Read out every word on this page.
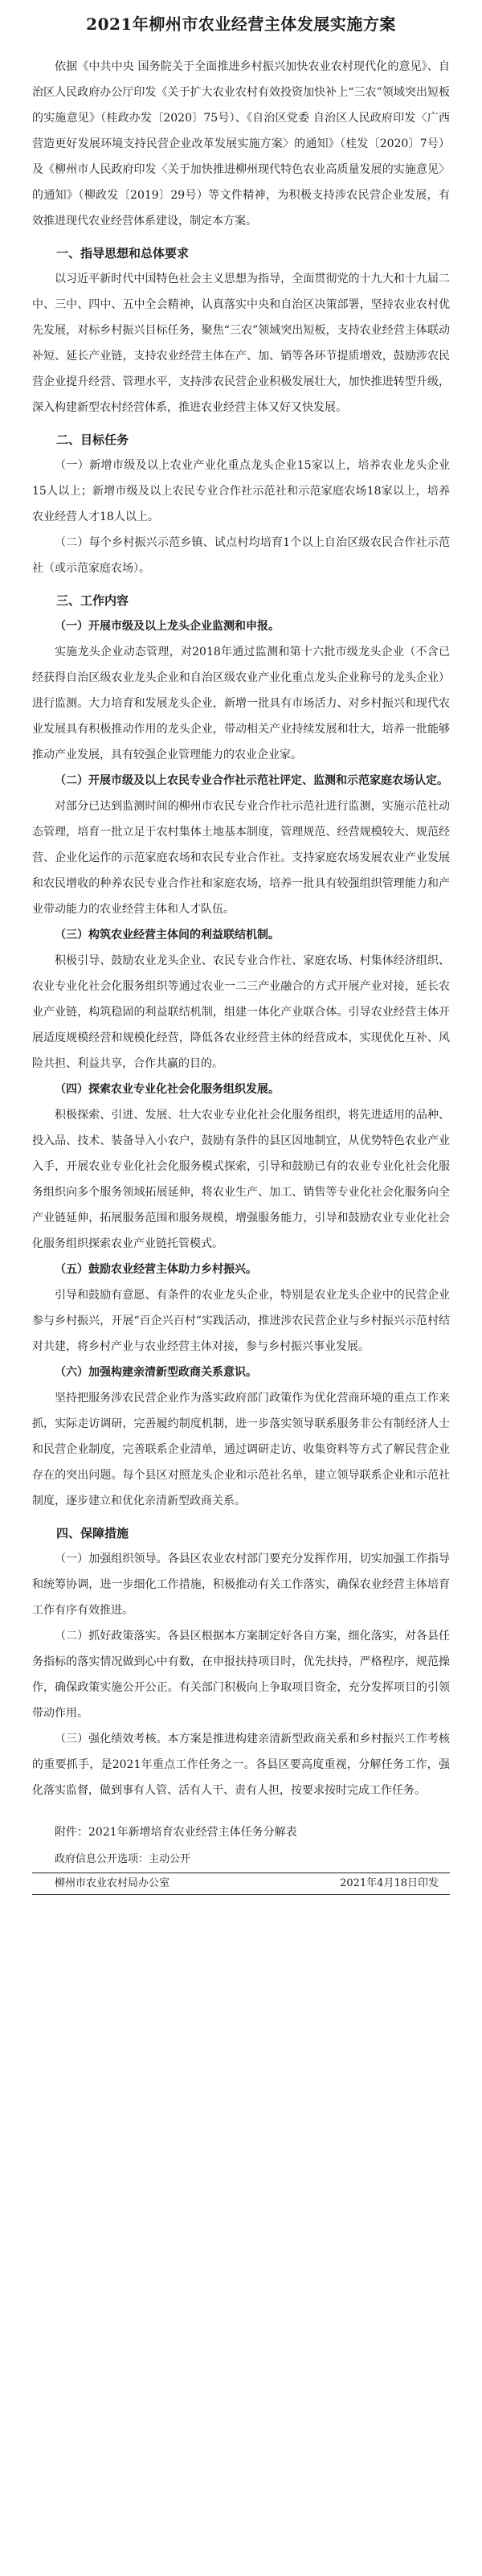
2021年柳州市农业经营主体发展实施方案

依据《中共中央 国务院关于全面推进乡村振兴加快农业农村现代化的意见》、自治区人民政府办公厅印发《关于扩大农业农村有效投资加快补上“三农”领域突出短板的实施意见》（桂政办发〔2020〕75号）、《自治区党委 自治区人民政府印发〈广西营造更好发展环境支持民营企业改革发展实施方案〉的通知》（桂发〔2020〕7号）及《柳州市人民政府印发〈关于加快推进柳州现代特色农业高质量发展的实施意见〉的通知》（柳政发〔2019〕29号）等文件精神，为积极支持涉农民营企业发展，有效推进现代农业经营体系建设，制定本方案。

一、指导思想和总体要求

以习近平新时代中国特色社会主义思想为指导，全面贯彻党的十九大和十九届二中、三中、四中、五中全会精神，认真落实中央和自治区决策部署，坚持农业农村优先发展，对标乡村振兴目标任务，聚焦“三农”领域突出短板，支持农业经营主体联动补短、延长产业链，支持农业经营主体在产、加、销等各环节提质增效，鼓励涉农民营企业提升经营、管理水平，支持涉农民营企业积极发展壮大，加快推进转型升级，深入构建新型农村经营体系，推进农业经营主体又好又快发展。

二、目标任务

（一）新增市级及以上农业产业化重点龙头企业15家以上，培养农业龙头企业15人以上；新增市级及以上农民专业合作社示范社和示范家庭农场18家以上，培养农业经营人才18人以上。

（二）每个乡村振兴示范乡镇、试点村均培育1个以上自治区级农民合作社示范社（或示范家庭农场）。

三、工作内容
（一）开展市级及以上龙头企业监测和申报。

实施龙头企业动态管理，对2018年通过监测和第十六批市级龙头企业（不含已经获得自治区级农业龙头企业和自治区级农业产业化重点龙头企业称号的龙头企业）进行监测。大力培育和发展龙头企业，新增一批具有市场活力、对乡村振兴和现代农业发展具有积极推动作用的龙头企业，带动相关产业持续发展和壮大，培养一批能够推动产业发展，具有较强企业管理能力的农业企业家。

（二）开展市级及以上农民专业合作社示范社评定、监测和示范家庭农场认定。

对部分已达到监测时间的柳州市农民专业合作社示范社进行监测，实施示范社动态管理，培育一批立足于农村集体土地基本制度，管理规范、经营规模较大、规范经营、企业化运作的示范家庭农场和农民专业合作社。支持家庭农场发展农业产业发展和农民增收的种养农民专业合作社和家庭农场，培养一批具有较强组织管理能力和产业带动能力的农业经营主体和人才队伍。

（三）构筑农业经营主体间的利益联结机制。

积极引导、鼓励农业龙头企业、农民专业合作社、家庭农场、村集体经济组织、农业专业化社会化服务组织等通过农业一二三产业融合的方式开展产业对接，延长农业产业链，构筑稳固的利益联结机制，组建一体化产业联合体。引导农业经营主体开展适度规模经营和规模化经营，降低各农业经营主体的经营成本，实现优化互补、风险共担、利益共享，合作共赢的目的。

（四）探索农业专业化社会化服务组织发展。

积极探索、引进、发展、壮大农业专业化社会化服务组织，将先进适用的品种、投入品、技术、装备导入小农户，鼓励有条件的县区因地制宜，从优势特色农业产业入手，开展农业专业化社会化服务模式探索，引导和鼓励已有的农业专业化社会化服务组织向多个服务领域拓展延伸，将农业生产、加工、销售等专业化社会化服务向全产业链延伸，拓展服务范围和服务规模，增强服务能力，引导和鼓励农业专业化社会化服务组织探索农业产业链托管模式。

（五）鼓励农业经营主体助力乡村振兴。

引导和鼓励有意愿、有条件的农业龙头企业，特别是农业龙头企业中的民营企业参与乡村振兴，开展“百企兴百村”实践活动，推进涉农民营企业与乡村振兴示范村结对共建，将乡村产业与农业经营主体对接，参与乡村振兴事业发展。

（六）加强构建亲清新型政商关系意识。

坚持把服务涉农民营企业作为落实政府部门政策作为优化营商环境的重点工作来抓，实际走访调研，完善履约制度机制，进一步落实领导联系服务非公有制经济人士和民营企业制度，完善联系企业清单，通过调研走访、收集资料等方式了解民营企业存在的突出问题。每个县区对照龙头企业和示范社名单，建立领导联系企业和示范社制度，逐步建立和优化亲清新型政商关系。

四、保障措施

（一）加强组织领导。各县区农业农村部门要充分发挥作用，切实加强工作指导和统筹协调，进一步细化工作措施，积极推动有关工作落实，确保农业经营主体培育工作有序有效推进。

（二）抓好政策落实。各县区根据本方案制定好各自方案，细化落实，对各县任务指标的落实情况做到心中有数，在申报扶持项目时，优先扶持，严格程序，规范操作，确保政策实施公开公正。有关部门积极向上争取项目资金，充分发挥项目的引领带动作用。

（三）强化绩效考核。本方案是推进构建亲清新型政商关系和乡村振兴工作考核的重要抓手，是2021年重点工作任务之一。各县区要高度重视，分解任务工作，强化落实监督，做到事有人管、活有人干、责有人担，按要求按时完成工作任务。

附件：2021年新增培育农业经营主体任务分解表
政府信息公开选项：主动公开
柳州市农业农村局办公室	2021年4月18日印发
